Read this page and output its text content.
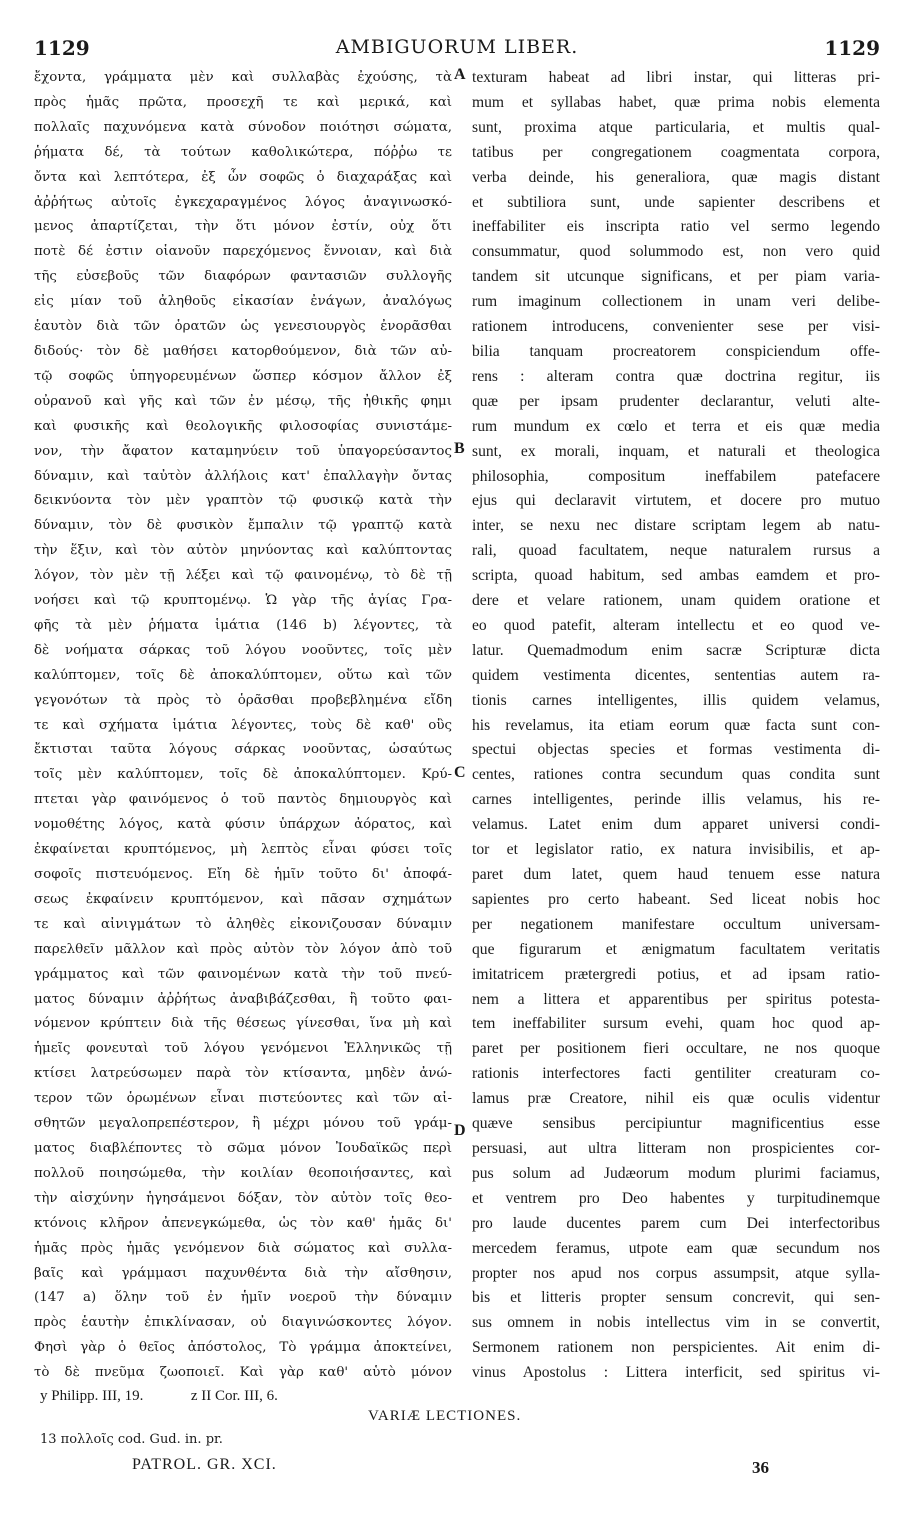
1129	AMBIGUORUM LIBER.	1129
ἔχοντα, γράμματα μὲν καὶ συλλαβὰς ἐχούσης, τὰ
πρὸς ἡμᾶς πρῶτα, προσεχῆ τε καὶ μερικά, καὶ
πολλαῖς παχυνόμενα κατὰ σύνοδον ποιότησι σώματα,
ῥήματα δέ, τὰ τούτων καθολικώτερα, πόῤῥω τε
ὄντα καὶ λεπτότερα, ἐξ ὧν σοφῶς ὁ διαχαράξας καὶ
ἀῤῥήτως αὐτοῖς ἐγκεχαραγμένος λόγος ἀναγινωσκό-
μενος ἀπαρτίζεται, τὴν ὅτι μόνον ἐστίν, οὐχ ὅτι
ποτὲ δέ ἐστιν οἱανοῦν παρεχόμενος ἔννοιαν, καὶ διὰ
τῆς εὐσεβοῦς τῶν διαφόρων φαντασιῶν συλλογῆς
εἰς μίαν τοῦ ἀληθοῦς εἰκασίαν ἐνάγων, ἀναλόγως
ἑαυτὸν διὰ τῶν ὁρατῶν ὡς γενεσιουργὸς ἐνορᾶσθαι
διδούς· τὸν δὲ μαθήσει κατορθούμενον, διὰ τῶν αὐ-
τῷ σοφῶς ὑπηγορευμένων ὥσπερ κόσμον ἄλλον ἐξ
οὐρανοῦ καὶ γῆς καὶ τῶν ἐν μέσῳ, τῆς ἠθικῆς φημι
καὶ φυσικῆς καὶ θεολογικῆς φιλοσοφίας συνιστάμε-
νον, τὴν ἄφατον καταμηνύειν τοῦ ὑπαγορεύσαντος
δύναμιν, καὶ ταὐτὸν ἀλλήλοις κατ' ἐπαλλαγὴν ὄντας
δεικνύοντα τὸν μὲν γραπτὸν τῷ φυσικῷ κατὰ τὴν
δύναμιν, τὸν δὲ φυσικὸν ἔμπαλιν τῷ γραπτῷ κατὰ
τὴν ἕξιν, καὶ τὸν αὐτὸν μηνύοντας καὶ καλύπτοντας
λόγον, τὸν μὲν τῇ λέξει καὶ τῷ φαινομένῳ, τὸ δὲ τῇ
νοήσει καὶ τῷ κρυπτομένῳ. Ὡ γὰρ τῆς ἁγίας Γρα-
φῆς τὰ μὲν ῥήματα ἱμάτια (146 b) λέγοντες, τὰ
δὲ νοήματα σάρκας τοῦ λόγου νοοῦντες, τοῖς μὲν
καλύπτομεν, τοῖς δὲ ἀποκαλύπτομεν, οὕτω καὶ τῶν
γεγονότων τὰ πρὸς τὸ ὁρᾶσθαι προβεβλημένα εἴδη
τε καὶ σχήματα ἱμάτια λέγοντες, τοὺς δὲ καθ' οὓς
ἔκτισται ταῦτα λόγους σάρκας νοοῦντας, ὡσαύτως
τοῖς μὲν καλύπτομεν, τοῖς δὲ ἀποκαλύπτομεν. Κρύ-
πτεται γὰρ φαινόμενος ὁ τοῦ παντὸς δημιουργὸς καὶ
νομοθέτης λόγος, κατὰ φύσιν ὑπάρχων ἀόρατος, καὶ
ἐκφαίνεται κρυπτόμενος, μὴ λεπτὸς εἶναι φύσει τοῖς
σοφοῖς πιστευόμενος. Εἴη δὲ ἡμῖν τοῦτο δι' ἀποφά-
σεως ἐκφαίνειν κρυπτόμενον, καὶ πᾶσαν σχημάτων
τε καὶ αἰνιγμάτων τὸ ἀληθὲς εἰκονιζουσαν δύναμιν
παρελθεῖν μᾶλλον καὶ πρὸς αὐτὸν τὸν λόγον ἀπὸ τοῦ
γράμματος καὶ τῶν φαινομένων κατὰ τὴν τοῦ πνεύ-
ματος δύναμιν ἀῤῥήτως ἀναβιβάζεσθαι, ἢ τοῦτο φαι-
νόμενον κρύπτειν διὰ τῆς θέσεως γίνεσθαι, ἵνα μὴ καὶ
ἡμεῖς φονευταὶ τοῦ λόγου γενόμενοι Ἑλληνικῶς τῇ
κτίσει λατρεύσωμεν παρὰ τὸν κτίσαντα, μηδὲν ἀνώ-
τερον τῶν ὁρωμένων εἶναι πιστεύοντες καὶ τῶν αἰ-
σθητῶν μεγαλοπρεπέστερον, ἢ μέχρι μόνου τοῦ γράμ-
ματος διαβλέποντες τὸ σῶμα μόνον Ἰουδαϊκῶς περὶ
πολλοῦ ποιησώμεθα, τὴν κοιλίαν θεοποιήσαντες, καὶ
τὴν αἰσχύνην ἡγησάμενοι δόξαν, τὸν αὐτὸν τοῖς θεο-
κτόνοις κλῆρον ἀπενεγκώμεθα, ὡς τὸν καθ' ἡμᾶς δι'
ἡμᾶς πρὸς ἡμᾶς γενόμενον διὰ σώματος καὶ συλλα-
βαῖς καὶ γράμμασι παχυνθέντα διὰ τὴν αἴσθησιν,
(147 a) ὅλην τοῦ ἐν ἡμῖν νοεροῦ τὴν δύναμιν
πρὸς ἑαυτὴν ἐπικλίνασαν, οὐ διαγινώσκοντες λόγον.
Φησὶ γὰρ ὁ θεῖος ἀπόστολος, Τὸ γράμμα ἀποκτείνει,
τὸ δὲ πνεῦμα ζωοποιεῖ. Καὶ γὰρ καθ' αὑτὸ μόνον
texturam habeat ad libri instar, qui litteras pri-
mum et syllabas habet, quæ prima nobis elementa
sunt, proxima atque particularia, et multis qual-
tatibus per congregationem coagmentata corpora,
verba deinde, his generaliora, quæ magis distant
et subtiliora sunt, unde sapienter describens et
ineffabiliter eis inscripta ratio vel sermo legendo
consummatur, quod solummodo est, non vero quid
tandem sit utcunque significans, et per piam varia-
rum imaginum collectionem in unam veri delibe-
rationem introducens, convenienter sese per visi-
bilia tanquam procreatorem conspiciendum offe-
rens : alteram contra quæ doctrina regitur, iis
quæ per ipsam prudenter declarantur, veluti alte-
rum mundum ex cœlo et terra et eis quæ media
sunt, ex morali, inquam, et naturali et theologica
philosophia, compositum ineffabilem patefacere
ejus qui declaravit virtutem, et docere pro mutuo
inter, se nexu nec distare scriptam legem ab natu-
rali, quoad facultatem, neque naturalem rursus a
scripta, quoad habitum, sed ambas eamdem et pro-
dere et velare rationem, unam quidem oratione et
eo quod patefit, alteram intellectu et eo quod ve-
latur. Quemadmodum enim sacræ Scripturæ dicta
quidem vestimenta dicentes, sententias autem ra-
tionis carnes intelligentes, illis quidem velamus,
his revelamus, ita etiam eorum quæ facta sunt con-
spectui objectas species et formas vestimenta di-
centes, rationes contra secundum quas condita sunt
carnes intelligentes, perinde illis velamus, his re-
velamus. Latet enim dum apparet universi condi-
tor et legislator ratio, ex natura invisibilis, et ap-
paret dum latet, quem haud tenuem esse natura
sapientes pro certo habeant. Sed liceat nobis hoc
per negationem manifestare occultum universam-
que figurarum et ænigmatum facultatem veritatis
imitatricem prætergredi potius, et ad ipsam ratio-
nem a littera et apparentibus per spiritus potesta-
tem ineffabiliter sursum evehi, quam hoc quod ap-
paret per positionem fieri occultare, ne nos quoque
rationis interfectores facti gentiliter creaturam co-
lamus præ Creatore, nihil eis quæ oculis videntur
quæve sensibus percipiuntur magnificentius esse
persuasi, aut ultra litteram non prospicientes cor-
pus solum ad Judæorum modum plurimi faciamus,
et ventrem pro Deo habentes y turpitudinemque
pro laude ducentes parem cum Dei interfectoribus
mercedem feramus, utpote eam quæ secundum nos
propter nos apud nos corpus assumpsit, atque sylla-
bis et litteris propter sensum concrevit, qui sen-
sus omnem in nobis intellectus vim in se convertit,
Sermonem rationem non perspicientes. Ait enim di-
vinus Apostolus : Littera interficit, sed spiritus vi-
A
B
C
D
y Philipp. III, 19.	z II Cor. III, 6.
VARIÆ LECTIONES.
13 πολλοῖς cod. Gud. in. pr.
PATROL. GR. XCI.	36
